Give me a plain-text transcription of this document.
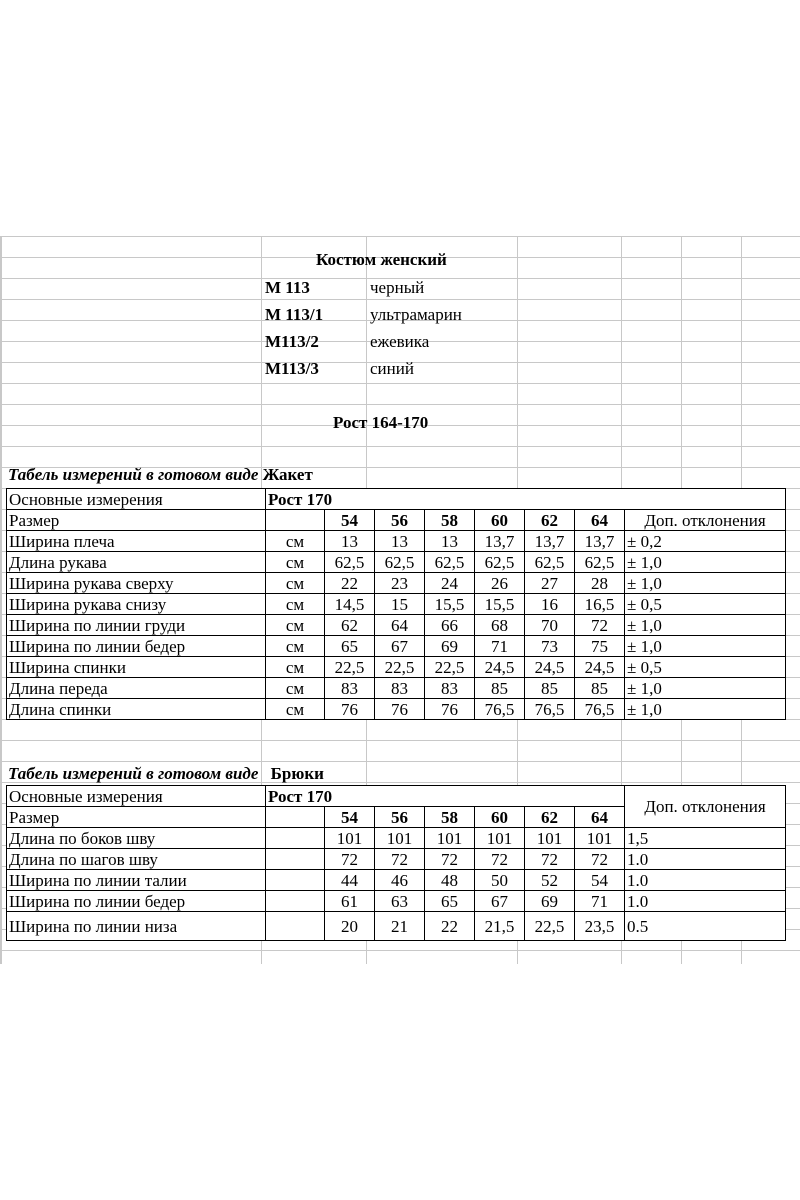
Костюм женский
М 113	черный
М 113/1	ультрамарин
М113/2	ежевика
М113/3	синий
Рост 164-170
Табель измерений в готовом виде Жакет
Основные измерения	Рост 170							
Размер		54	56	58	60	62	64	Доп. отклонения
Ширина плеча	см	13	13	13	13,7	13,7	13,7	± 0,2
Длина рукава	см	62,5	62,5	62,5	62,5	62,5	62,5	± 1,0
Ширина рукава сверху	см	22	23	24	26	27	28	± 1,0
Ширина рукава снизу	см	14,5	15	15,5	15,5	16	16,5	± 0,5
Ширина по линии груди	см	62	64	66	68	70	72	± 1,0
Ширина по линии бедер	см	65	67	69	71	73	75	± 1,0
Ширина спинки	см	22,5	22,5	22,5	24,5	24,5	24,5	± 0,5
Длина переда	см	83	83	83	85	85	85	± 1,0
Длина спинки	см	76	76	76	76,5	76,5	76,5	± 1,0
Табель измерений в готовом виде Брюки
Основные измерения	Рост 170							Доп. отклонения
Размер		54	56	58	60	62	64	
Длина по боков шву		101	101	101	101	101	101	1,5
Длина по шагов шву		72	72	72	72	72	72	1.0
Ширина по линии талии		44	46	48	50	52	54	1.0
Ширина по линии бедер		61	63	65	67	69	71	1.0
Ширина по линии низа		20	21	22	21,5	22,5	23,5	0.5
